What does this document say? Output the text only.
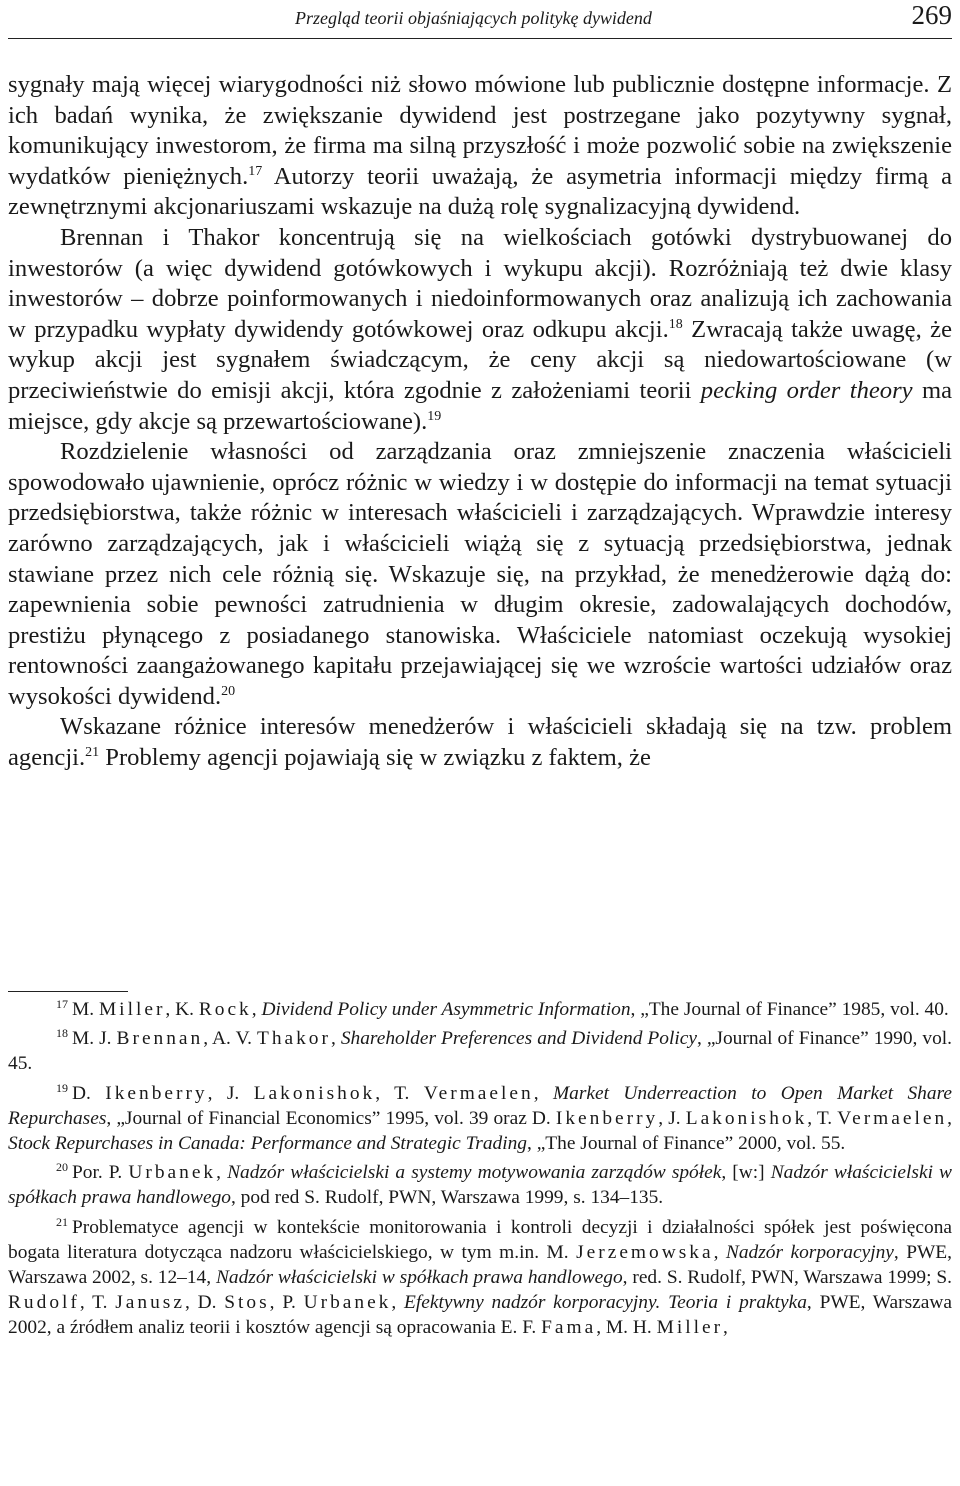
Przegląd teorii objaśniających politykę dywidend	269

sygnały mają więcej wiarygodności niż słowo mówione lub publicznie dostępne informacje. Z ich badań wynika, że zwiększanie dywidend jest postrzegane jako pozytywny sygnał, komunikujący inwestorom, że firma ma silną przyszłość i może pozwolić sobie na zwiększenie wydatków pieniężnych.$^{17}$ Autorzy teorii uważają, że asymetria informacji między firmą a zewnętrznymi akcjonariuszami wskazuje na dużą rolę sygnalizacyjną dywidend.

Brennan i Thakor koncentrują się na wielkościach gotówki dystrybuowanej do inwestorów (a więc dywidend gotówkowych i wykupu akcji). Rozróżniają też dwie klasy inwestorów – dobrze poinformowanych i niedoinformowanych oraz analizują ich zachowania w przypadku wypłaty dywidendy gotówkowej oraz odkupu akcji.$^{18}$ Zwracają także uwagę, że wykup akcji jest sygnałem świadczącym, że ceny akcji są niedowartościowane (w przeciwieństwie do emisji akcji, która zgodnie z założeniami teorii pecking order theory ma miejsce, gdy akcje są przewartościowane).$^{19}$

Rozdzielenie własności od zarządzania oraz zmniejszenie znaczenia właścicieli spowodowało ujawnienie, oprócz różnic w wiedzy i w dostępie do informacji na temat sytuacji przedsiębiorstwa, także różnic w interesach właścicieli i zarządzających. Wprawdzie interesy zarówno zarządzających, jak i właścicieli wiążą się z sytuacją przedsiębiorstwa, jednak stawiane przez nich cele różnią się. Wskazuje się, na przykład, że menedżerowie dążą do: zapewnienia sobie pewności zatrudnienia w długim okresie, zadowalających dochodów, prestiżu płynącego z posiadanego stanowiska. Właściciele natomiast oczekują wysokiej rentowności zaangażowanego kapitału przejawiającej się we wzroście wartości udziałów oraz wysokości dywidend.$^{20}$

Wskazane różnice interesów menedżerów i właścicieli składają się na tzw. problem agencji.$^{21}$ Problemy agencji pojawiają się w związku z faktem, że

$^{17}$ M. Miller, K. Rock, Dividend Policy under Asymmetric Information, „The Journal of Finance” 1985, vol. 40.

$^{18}$ M. J. Brennan, A. V. Thakor, Shareholder Preferences and Dividend Policy, „Journal of Finance” 1990, vol. 45.

$^{19}$ D. Ikenberry, J. Lakonishok, T. Vermaelen, Market Underreaction to Open Market Share Repurchases, „Journal of Financial Economics” 1995, vol. 39 oraz D. Ikenberry, J. Lakonishok, T. Vermaelen, Stock Repurchases in Canada: Performance and Strategic Trading, „The Journal of Finance” 2000, vol. 55.

$^{20}$ Por. P. Urbanek, Nadzór właścicielski a systemy motywowania zarządów spółek, [w:] Nadzór właścicielski w spółkach prawa handlowego, pod red S. Rudolf, PWN, Warszawa 1999, s. 134–135.

$^{21}$ Problematyce agencji w kontekście monitorowania i kontroli decyzji i działalności spółek jest poświęcona bogata literatura dotycząca nadzoru właścicielskiego, w tym m.in. M. Jerzemowska, Nadzór korporacyjny, PWE, Warszawa 2002, s. 12–14, Nadzór właścicielski w spółkach prawa handlowego, red. S. Rudolf, PWN, Warszawa 1999; S. Rudolf, T. Janusz, D. Stos, P. Urbanek, Efektywny nadzór korporacyjny. Teoria i praktyka, PWE, Warszawa 2002, a źródłem analiz teorii i kosztów agencji są opracowania E. F. Fama, M. H. Miller,
